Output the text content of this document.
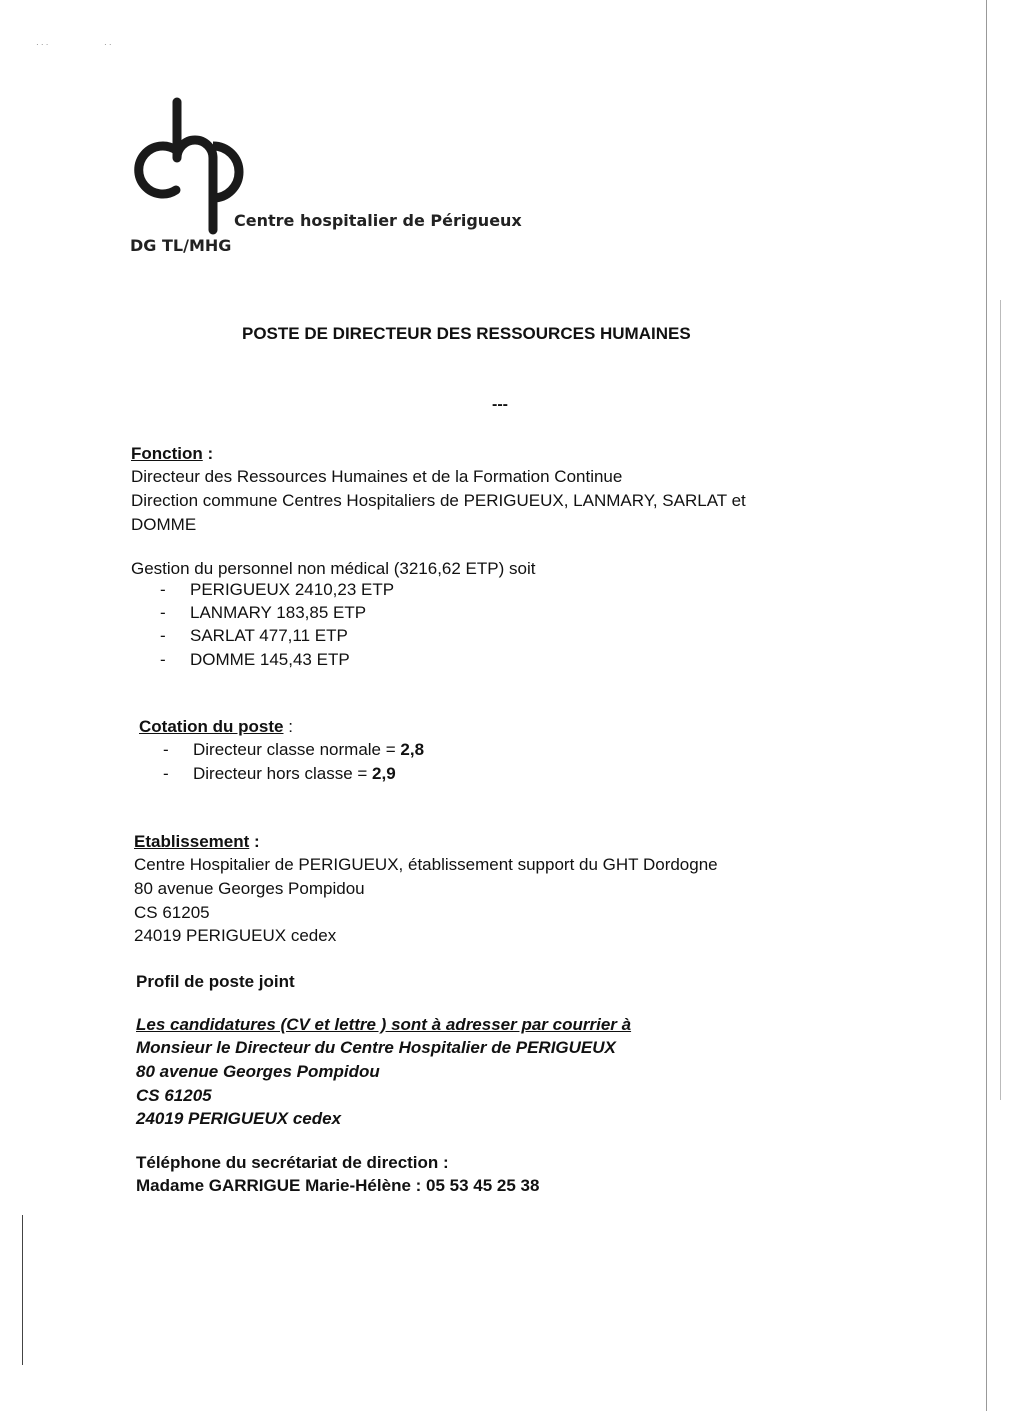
· · ·	· ·
Centre hospitalier de Périgueux
DG TL/MHG
POSTE DE DIRECTEUR DES RESSOURCES HUMAINES
---
Fonction :
Directeur des Ressources Humaines et de la Formation Continue
Direction commune Centres Hospitaliers de PERIGUEUX, LANMARY, SARLAT et
DOMME
Gestion du personnel non médical (3216,62 ETP) soit
- PERIGUEUX 2410,23 ETP
- LANMARY 183,85 ETP
- SARLAT 477,11 ETP
- DOMME 145,43 ETP
Cotation du poste :
- Directeur classe normale = 2,8
- Directeur hors classe = 2,9
Etablissement :
Centre Hospitalier de PERIGUEUX, établissement support du GHT Dordogne
80 avenue Georges Pompidou
CS 61205
24019 PERIGUEUX cedex
Profil de poste joint
Les candidatures (CV et lettre ) sont à adresser par courrier à
Monsieur le Directeur du Centre Hospitalier de PERIGUEUX
80 avenue Georges Pompidou
CS 61205
24019 PERIGUEUX cedex
Téléphone du secrétariat de direction :
Madame GARRIGUE Marie-Hélène : 05 53 45 25 38
